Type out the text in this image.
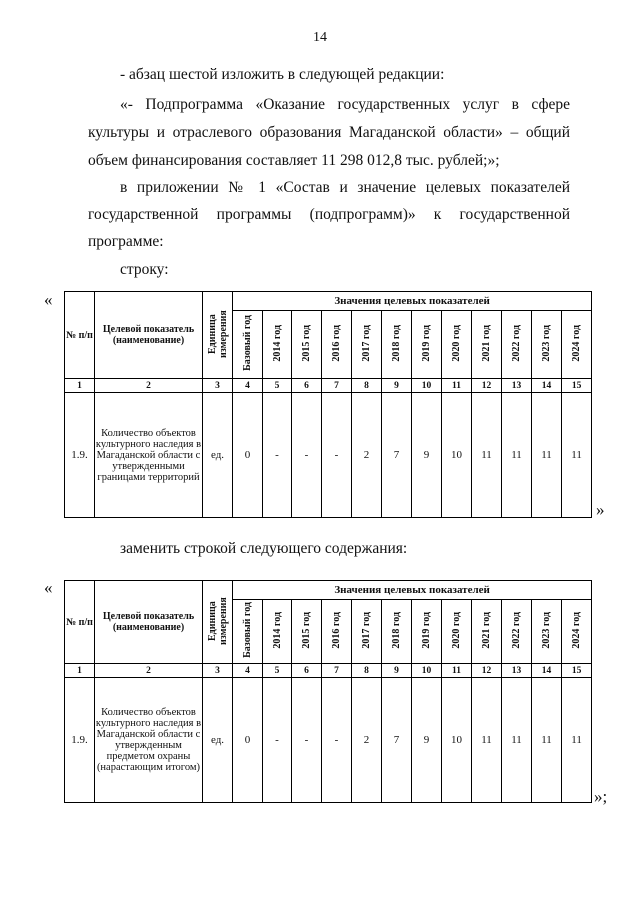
14
- абзац шестой изложить в следующей редакции:
«- Подпрограмма «Оказание государственных услуг в сфере
культуры и отраслевого образования Магаданской области» – общий
объем финансирования составляет 11 298 012,8 тыс. рублей;»;
в приложении № 1 «Состав и значение целевых показателей
государственной программы (подпрограмм)» к государственной
программе:
строку:
«
№ п/п	Целевой показатель (наименование)	Единица измерения	Значения целевых показателей											
			Базовый год	2014 год	2015 год	2016 год	2017 год	2018 год	2019 год	2020 год	2021 год	2022 год	2023 год	2024 год
1	2	3	4	5	6	7	8	9	10	11	12	13	14	15
1.9.	Количество объектов культурного наследия в Магаданской области с утвержденными границами территорий	ед.	0	-	-	-	2	7	9	10	11	11	11	11
»
заменить строкой следующего содержания:
«
№ п/п	Целевой показатель (наименование)	Единица измерения	Значения целевых показателей											
			Базовый год	2014 год	2015 год	2016 год	2017 год	2018 год	2019 год	2020 год	2021 год	2022 год	2023 год	2024 год
1	2	3	4	5	6	7	8	9	10	11	12	13	14	15
1.9.	Количество объектов культурного наследия в Магаданской области с утвержденным предметом охраны (нарастающим итогом)	ед.	0	-	-	-	2	7	9	10	11	11	11	11
»;
